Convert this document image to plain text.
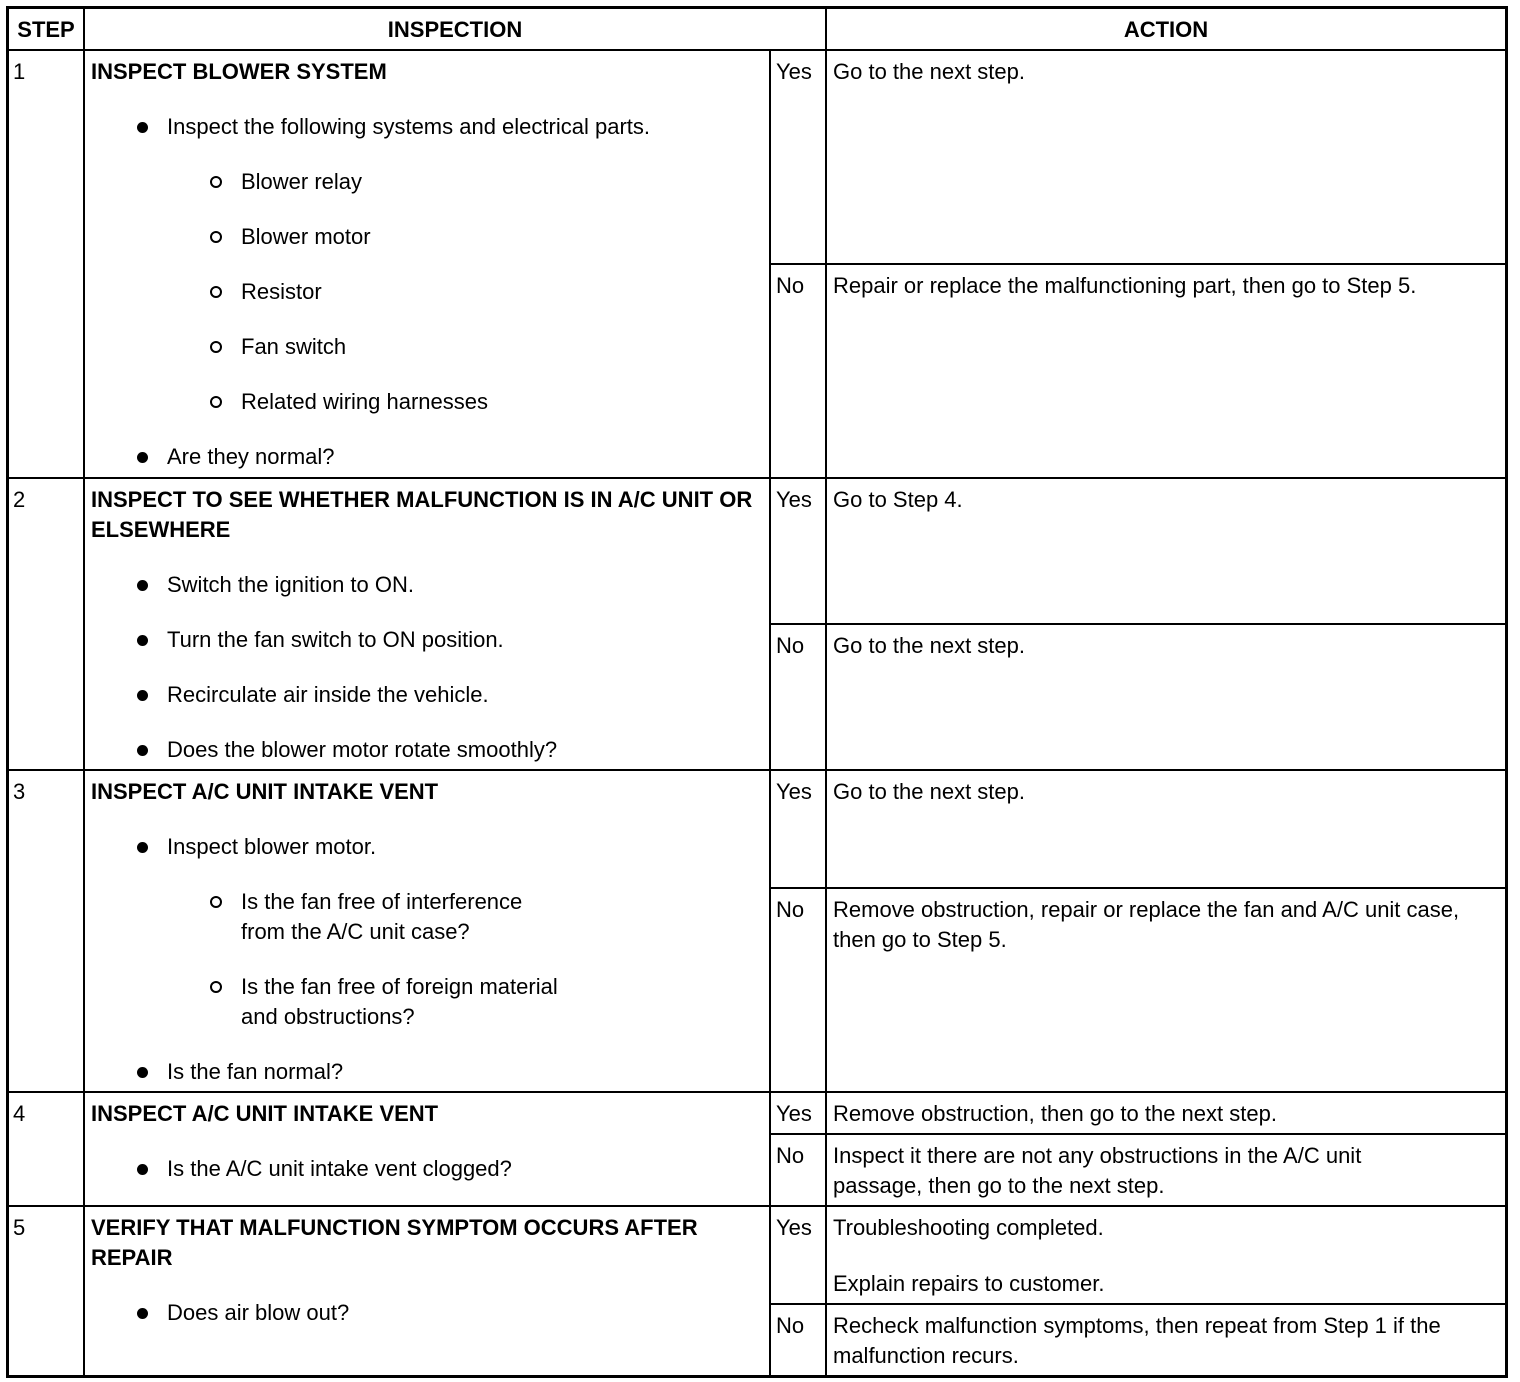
STEP	INSPECTION	ACTION
1	INSPECT BLOWER SYSTEM
Inspect the following systems and electrical parts.
Blower relay
Blower motor
Resistor
Fan switch
Related wiring harnesses
Are they normal?
Yes Go to the next step.
No	Repair or replace the malfunctioning part, then go to Step 5.
2	INSPECT TO SEE WHETHER MALFUNCTION IS IN A/C UNIT OR ELSEWHERE
Switch the ignition to ON.
Turn the fan switch to ON position.
Recirculate air inside the vehicle.
Does the blower motor rotate smoothly?
Yes Go to Step 4.
No	Go to the next step.
3	INSPECT A/C UNIT INTAKE VENT
Inspect blower motor.
Is the fan free of interference from the A/C unit case?
Is the fan free of foreign material and obstructions?
Is the fan normal?
Yes Go to the next step.
No	Remove obstruction, repair or replace the fan and A/C unit case, then go to Step 5.
4	INSPECT A/C UNIT INTAKE VENT
Is the A/C unit intake vent clogged?
Yes Remove obstruction, then go to the next step.
No	Inspect it there are not any obstructions in the A/C unit passage, then go to the next step.
5	VERIFY THAT MALFUNCTION SYMPTOM OCCURS AFTER REPAIR
Does air blow out?
Yes Troubleshooting completed.
Explain repairs to customer.
No	Recheck malfunction symptoms, then repeat from Step 1 if the malfunction recurs.
